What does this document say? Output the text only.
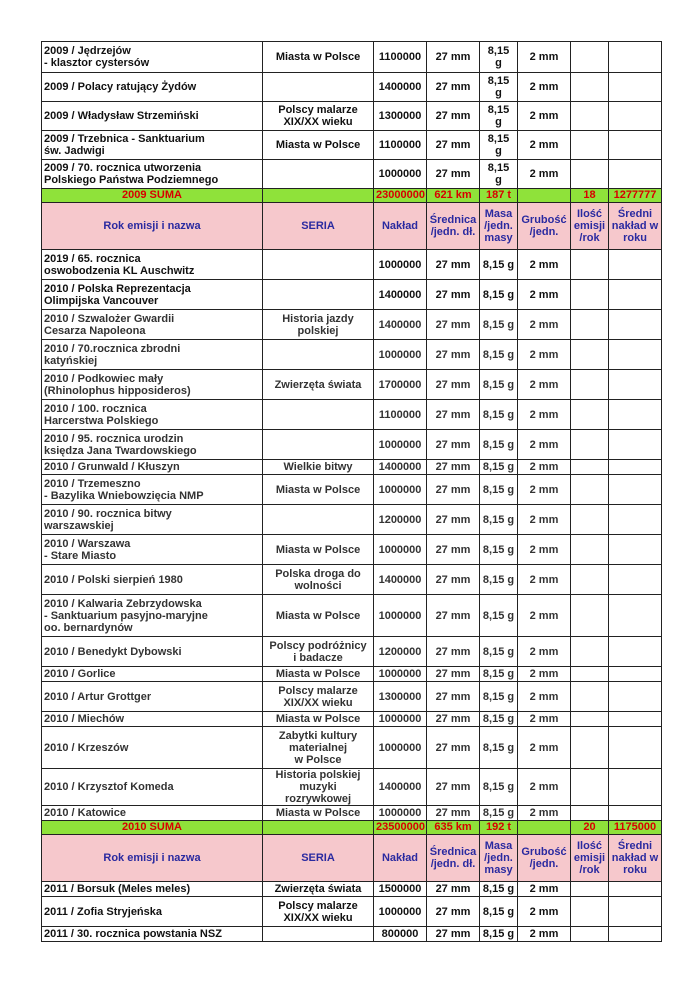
2009 / Jędrzejów
- klasztor cystersów	Miasta w Polsce	1100000	27 mm	8,15
g	2 mm		
2009 / Polacy ratujący Żydów		1400000	27 mm	8,15
g	2 mm		
2009 / Władysław Strzemiński	Polscy malarze
XIX/XX wieku	1300000	27 mm	8,15
g	2 mm		
2009 / Trzebnica - Sanktuarium
św. Jadwigi	Miasta w Polsce	1100000	27 mm	8,15
g	2 mm		
2009 / 70. rocznica utworzenia
Polskiego Państwa Podziemnego		1000000	27 mm	8,15
g	2 mm		
2009 SUMA		23000000	621 km	187 t		18	1277777
Rok emisji i nazwa	SERIA	Nakład	Średnica /jedn. dł.	Masa /jedn. masy	Grubość /jedn.	Ilość emisji /rok	Średni nakład w roku
2019 / 65. rocznica
oswobodzenia KL Auschwitz		1000000	27 mm	8,15 g	2 mm		
2010 / Polska Reprezentacja
Olimpijska Vancouver		1400000	27 mm	8,15 g	2 mm		
2010 / Szwalożer Gwardii
Cesarza Napoleona	Historia jazdy
polskiej	1400000	27 mm	8,15 g	2 mm		
2010 / 70.rocznica zbrodni
katyńskiej		1000000	27 mm	8,15 g	2 mm		
2010 / Podkowiec mały
(Rhinolophus hipposideros)	Zwierzęta świata	1700000	27 mm	8,15 g	2 mm		
2010 / 100. rocznica
Harcerstwa Polskiego		1100000	27 mm	8,15 g	2 mm		
2010 / 95. rocznica urodzin
księdza Jana Twardowskiego		1000000	27 mm	8,15 g	2 mm		
2010 / Grunwald / Kłuszyn	Wielkie bitwy	1400000	27 mm	8,15 g	2 mm		
2010 / Trzemeszno
- Bazylika Wniebowzięcia NMP	Miasta w Polsce	1000000	27 mm	8,15 g	2 mm		
2010 / 90. rocznica bitwy
warszawskiej		1200000	27 mm	8,15 g	2 mm		
2010 / Warszawa
- Stare Miasto	Miasta w Polsce	1000000	27 mm	8,15 g	2 mm		
2010 / Polski sierpień 1980	Polska droga do
wolności	1400000	27 mm	8,15 g	2 mm		
2010 / Kalwaria Zebrzydowska
- Sanktuarium pasyjno-maryjne
oo. bernardynów	Miasta w Polsce	1000000	27 mm	8,15 g	2 mm		
2010 / Benedykt Dybowski	Polscy podróżnicy
i badacze	1200000	27 mm	8,15 g	2 mm		
2010 / Gorlice	Miasta w Polsce	1000000	27 mm	8,15 g	2 mm		
2010 / Artur Grottger	Polscy malarze
XIX/XX wieku	1300000	27 mm	8,15 g	2 mm		
2010 / Miechów	Miasta w Polsce	1000000	27 mm	8,15 g	2 mm		
2010 / Krzeszów	Zabytki kultury
materialnej
w Polsce	1000000	27 mm	8,15 g	2 mm		
2010 / Krzysztof Komeda	Historia polskiej
muzyki rozrywkowej	1400000	27 mm	8,15 g	2 mm		
2010 / Katowice	Miasta w Polsce	1000000	27 mm	8,15 g	2 mm		
2010 SUMA		23500000	635 km	192 t		20	1175000
Rok emisji i nazwa	SERIA	Nakład	Średnica /jedn. dł.	Masa /jedn. masy	Grubość /jedn.	Ilość emisji /rok	Średni nakład w roku
2011 / Borsuk (Meles meles)	Zwierzęta świata	1500000	27 mm	8,15 g	2 mm		
2011 / Zofia Stryjeńska	Polscy malarze
XIX/XX wieku	1000000	27 mm	8,15 g	2 mm		
2011 / 30. rocznica powstania NSZ		800000	27 mm	8,15 g	2 mm		
